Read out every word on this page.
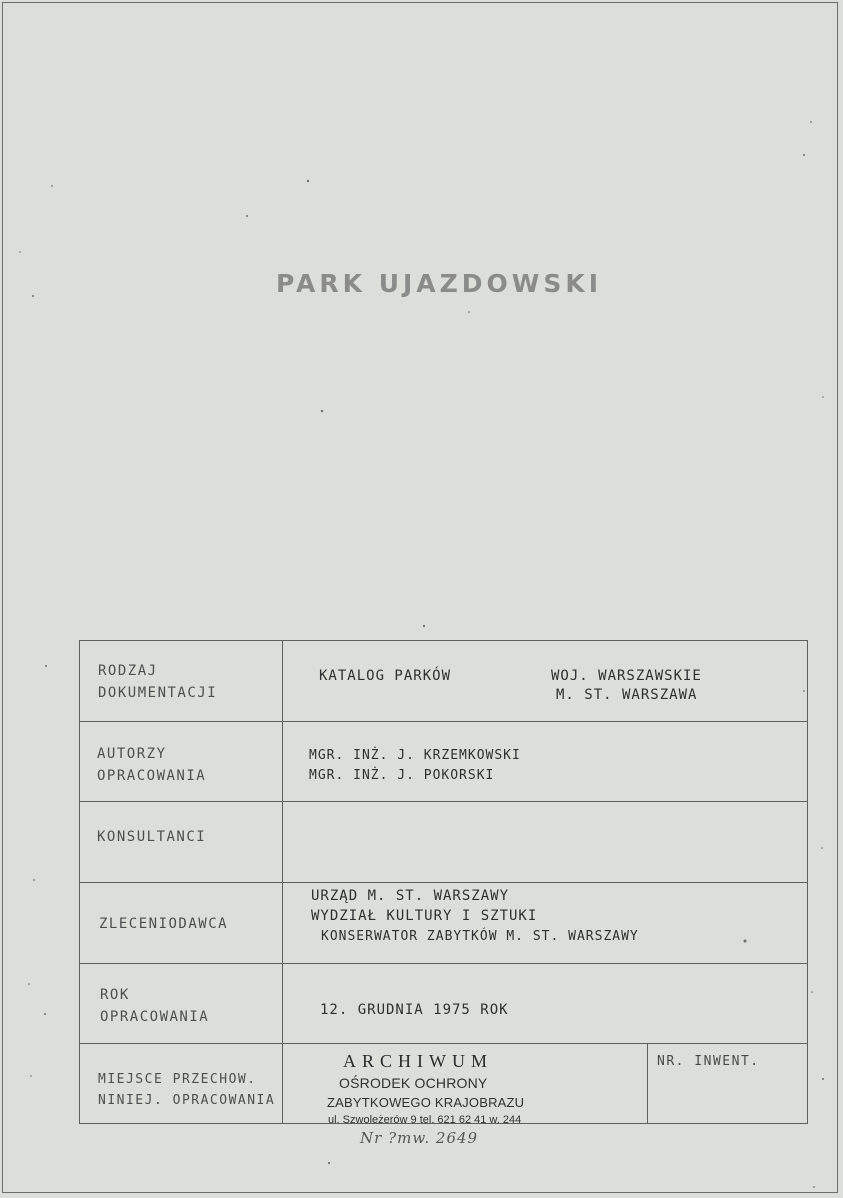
PARK UJAZDOWSKI
RODZAJ
DOKUMENTACJI
KATALOG PARKÓW	WOJ. WARSZAWSKIE
M. ST. WARSZAWA
AUTORZY
OPRACOWANIA
MGR. INŻ. J. KRZEMKOWSKI
MGR. INŻ. J. POKORSKI
KONSULTANCI
ZLECENIODAWCA
URZĄD M. ST. WARSZAWY
WYDZIAŁ KULTURY I SZTUKI
KONSERWATOR ZABYTKÓW M. ST. WARSZAWY
ROK
OPRACOWANIA	12. GRUDNIA 1975 ROK
MIEJSCE PRZECHOW.
NINIEJ. OPRACOWANIA
ARCHIWUM
OŚRODEK OCHRONY
ZABYTKOWEGO KRAJOBRAZU
ul. Szwoleżerów 9 tel. 621 62 41 w. 244
NR. INWENT.
Nr ?mw. 2649
